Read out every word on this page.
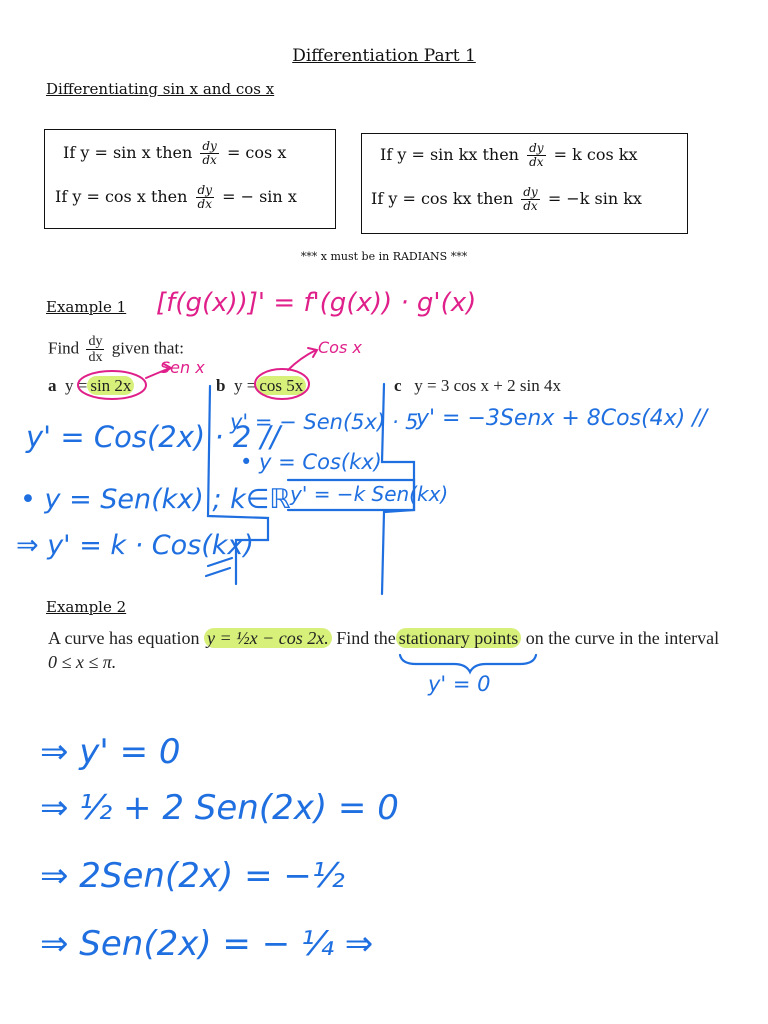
Differentiation Part 1
Differentiating sin x and cos x
If y = sin x then $\frac{dy}{dx} = \cos x$
If y = cos x then $\frac{dy}{dx}$ = − sin x
If y = sin kx then $\frac{dy}{dx} = k$ cos kx
If y = cos kx then $\frac{dy}{dx} = -k$ sin kx
*** x must be in RADIANS ***
Example 1 [f(g(x))]' = f'(g(x)) · g'(x)
Find $\frac{dy}{dx}$ given that:
a y = sin 2x	b y = cos 5x	c y = 3 cos x + 2 sin 4x
Sen x
Cos x
y' = Cos(2x) · 2 //
• y = Sen(kx) ; k∈ℝ
⇒ y' = k · Cos(kx)
y' = − Sen(5x) · 5
• y = Cos(kx)
y' = −k Sen(kx)
y' = −3Senx + 8Cos(4x) //
Example 2
A curve has equation y = ½x − cos 2x. Find the stationary points on the curve in the interval
0 ≤ x ≤ π.
y' = 0
⇒ y' = 0
⇒ ½ + 2 Sen(2x) = 0
⇒ 2Sen(2x) = −½
⇒ Sen(2x) = − ¼ ⇒
